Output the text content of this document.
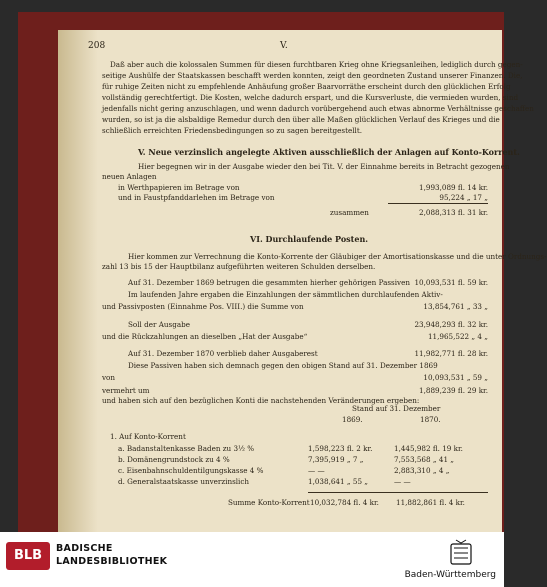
208	V.
Daß aber auch die kolossalen Summen für diesen furchtbaren Krieg ohne Kriegsanleihen, lediglich durch gegen-
seitige Aushülfe der Staatskassen beschafft werden konnten, zeigt den geordneten Zustand unserer Finanzen. Die,
für ruhige Zeiten nicht zu empfehlende Anhäufung großer Baarvorräthe erscheint durch den glücklichen Erfolg
vollständig gerechtfertigt. Die Kosten, welche dadurch erspart, und die Kursverluste, die vermieden wurden, sind
jedenfalls nicht gering anzuschlagen, und wenn dadurch vorübergehend auch etwas abnorme Verhältnisse geschaffen
wurden, so ist ja die alsbaldige Remedur durch den über alle Maßen glücklichen Verlauf des Krieges und die
schließlich erreichten Friedensbedingungen so zu sagen bereitgestellt.
V. Neue verzinslich angelegte Aktiven ausschließlich der Anlagen auf Konto-Korrent.
Hier begegnen wir in der Ausgabe wieder den bei Tit. V. der Einnahme bereits in Betracht gezogenen
neuen Anlagen
in Werthpapieren im Betrage von	1,993,089 fl. 14 kr.
und in Faustpfanddarlehen im Betrage von	95,224 „ 17 „
zusammen	2,088,313 fl. 31 kr.
VI. Durchlaufende Posten.
Hier kommen zur Verrechnung die Konto-Korrente der Gläubiger der Amortisationskasse und die unter Ordnungs-
zahl 13 bis 15 der Hauptbilanz aufgeführten weiteren Schulden derselben.
Auf 31. Dezember 1869 betrugen die gesammten hierher gehörigen Passiven 10,093,531 fl. 59 kr.
Im laufenden Jahre ergaben die Einzahlungen der sämmtlichen durchlaufenden Aktiv-
und Passivposten (Einnahme Pos. VIII.) die Summe von	13,854,761 „ 33 „
Soll der Ausgabe	23,948,293 fl. 32 kr.
und die Rückzahlungen an dieselben „Hat der Ausgabe“	11,965,522 „ 4 „
Auf 31. Dezember 1870 verblieb daher Ausgaberest	11,982,771 fl. 28 kr.
Diese Passiven haben sich demnach gegen den obigen Stand auf 31. Dezember 1869
von	10,093,531 „ 59 „
vermehrt um	1,889,239 fl. 29 kr.
und haben sich auf den bezüglichen Konti die nachstehenden Veränderungen ergeben:
Stand auf 31. Dezember
1869.	1870.
1. Auf Konto-Korrent
a. Badanstaltenkasse Baden zu 3½ %	1,598,223 fl. 2 kr.	1,445,982 fl. 19 kr.
b. Domänengrundstock zu 4 %	7,395,919 „ 7 „	7,553,568 „ 41 „
c. Eisenbahnschuldentilgungskasse 4 %	— —	2,883,310 „ 4 „
d. Generalstaatskasse unverzinslich	1,038,641 „ 55 „	— —
Summe Konto-Korrent 10,032,784 fl. 4 kr. 11,882,861 fl. 4 kr.
BLB	BADISCHE
LANDESBIBLIOTHEK
Baden-Württemberg
